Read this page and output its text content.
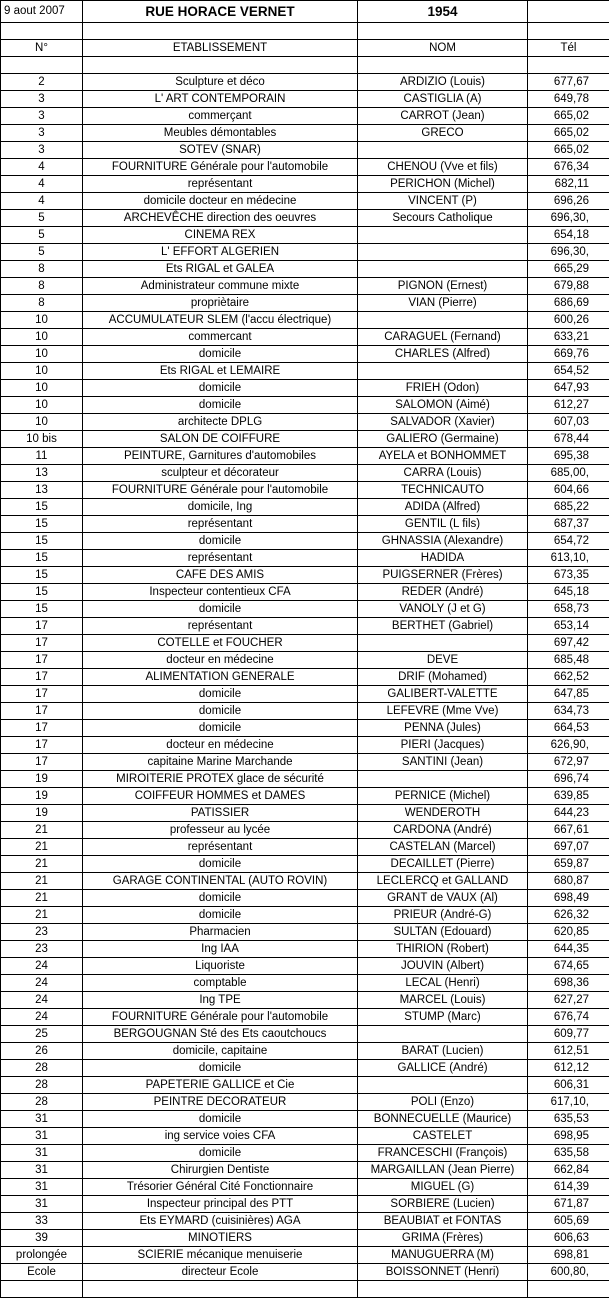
9 aout 2007	RUE HORACE VERNET	1954	

N°	ETABLISSEMENT	NOM	Tél

2	Sculpture et déco	ARDIZIO (Louis)	677,67
3	L' ART CONTEMPORAIN	CASTIGLIA (A)	649,78
3	commerçant	CARROT (Jean)	665,02
3	Meubles démontables	GRECO	665,02
3	SOTEV (SNAR)		665,02
4	FOURNITURE Générale pour l'automobile	CHENOU (Vve et fils)	676,34
4	représentant	PERICHON (Michel)	682,11
4	domicile docteur en médecine	VINCENT (P)	696,26
5	ARCHEVÊCHE direction des oeuvres	Secours Catholique	696,30,
5	CINEMA REX		654,18
5	L' EFFORT ALGERIEN		696,30,
8	Ets RIGAL et GALEA		665,29
8	Administrateur commune mixte	PIGNON (Ernest)	679,88
8	propriètaire	VIAN (Pierre)	686,69
10	ACCUMULATEUR SLEM (l'accu électrique)		600,26
10	commercant	CARAGUEL (Fernand)	633,21
10	domicile	CHARLES (Alfred)	669,76
10	Ets RIGAL et LEMAIRE		654,52
10	domicile	FRIEH (Odon)	647,93
10	domicile	SALOMON (Aimé)	612,27
10	architecte DPLG	SALVADOR (Xavier)	607,03
10 bis	SALON DE COIFFURE	GALIERO (Germaine)	678,44
11	PEINTURE, Garnitures d'automobiles	AYELA et BONHOMMET	695,38
13	sculpteur et décorateur	CARRA (Louis)	685,00,
13	FOURNITURE Générale pour l'automobile	TECHNICAUTO	604,66
15	domicile, Ing	ADIDA (Alfred)	685,22
15	représentant	GENTIL (L fils)	687,37
15	domicile	GHNASSIA (Alexandre)	654,72
15	représentant	HADIDA	613,10,
15	CAFE DES AMIS	PUIGSERNER (Frères)	673,35
15	Inspecteur contentieux CFA	REDER (André)	645,18
15	domicile	VANOLY (J et G)	658,73
17	représentant	BERTHET (Gabriel)	653,14
17	COTELLE et FOUCHER		697,42
17	docteur en médecine	DEVE	685,48
17	ALIMENTATION GENERALE	DRIF (Mohamed)	662,52
17	domicile	GALIBERT-VALETTE	647,85
17	domicile	LEFEVRE (Mme Vve)	634,73
17	domicile	PENNA (Jules)	664,53
17	docteur en médecine	PIERI (Jacques)	626,90,
17	capitaine Marine Marchande	SANTINI (Jean)	672,97
19	MIROITERIE PROTEX glace de sécurité		696,74
19	COIFFEUR HOMMES et DAMES	PERNICE (Michel)	639,85
19	PATISSIER	WENDEROTH	644,23
21	professeur au lycée	CARDONA (André)	667,61
21	représentant	CASTELAN (Marcel)	697,07
21	domicile	DECAILLET (Pierre)	659,87
21	GARAGE CONTINENTAL (AUTO ROVIN)	LECLERCQ et GALLAND	680,87
21	domicile	GRANT de VAUX (Al)	698,49
21	domicile	PRIEUR (André-G)	626,32
23	Pharmacien	SULTAN (Edouard)	620,85
23	Ing IAA	THIRION (Robert)	644,35
24	Liquoriste	JOUVIN (Albert)	674,65
24	comptable	LECAL (Henri)	698,36
24	Ing TPE	MARCEL (Louis)	627,27
24	FOURNITURE Générale pour l'automobile	STUMP (Marc)	676,74
25	BERGOUGNAN Sté des Ets caoutchoucs		609,77
26	domicile, capitaine	BARAT (Lucien)	612,51
28	domicile	GALLICE (André)	612,12
28	PAPETERIE GALLICE et Cie		606,31
28	PEINTRE DECORATEUR	POLI (Enzo)	617,10,
31	domicile	BONNECUELLE (Maurice)	635,53
31	ing service voies CFA	CASTELET	698,95
31	domicile	FRANCESCHI (François)	635,58
31	Chirurgien Dentiste	MARGAILLAN (Jean Pierre)	662,84
31	Trésorier Général Cité Fonctionnaire	MIGUEL (G)	614,39
31	Inspecteur principal des PTT	SORBIERE (Lucien)	671,87
33	Ets EYMARD (cuisinières) AGA	BEAUBIAT et FONTAS	605,69
39	MINOTIERS	GRIMA (Frères)	606,63
prolongée	SCIERIE mécanique menuiserie	MANUGUERRA (M)	698,81
Ecole	directeur Ecole	BOISSONNET (Henri)	600,80,
